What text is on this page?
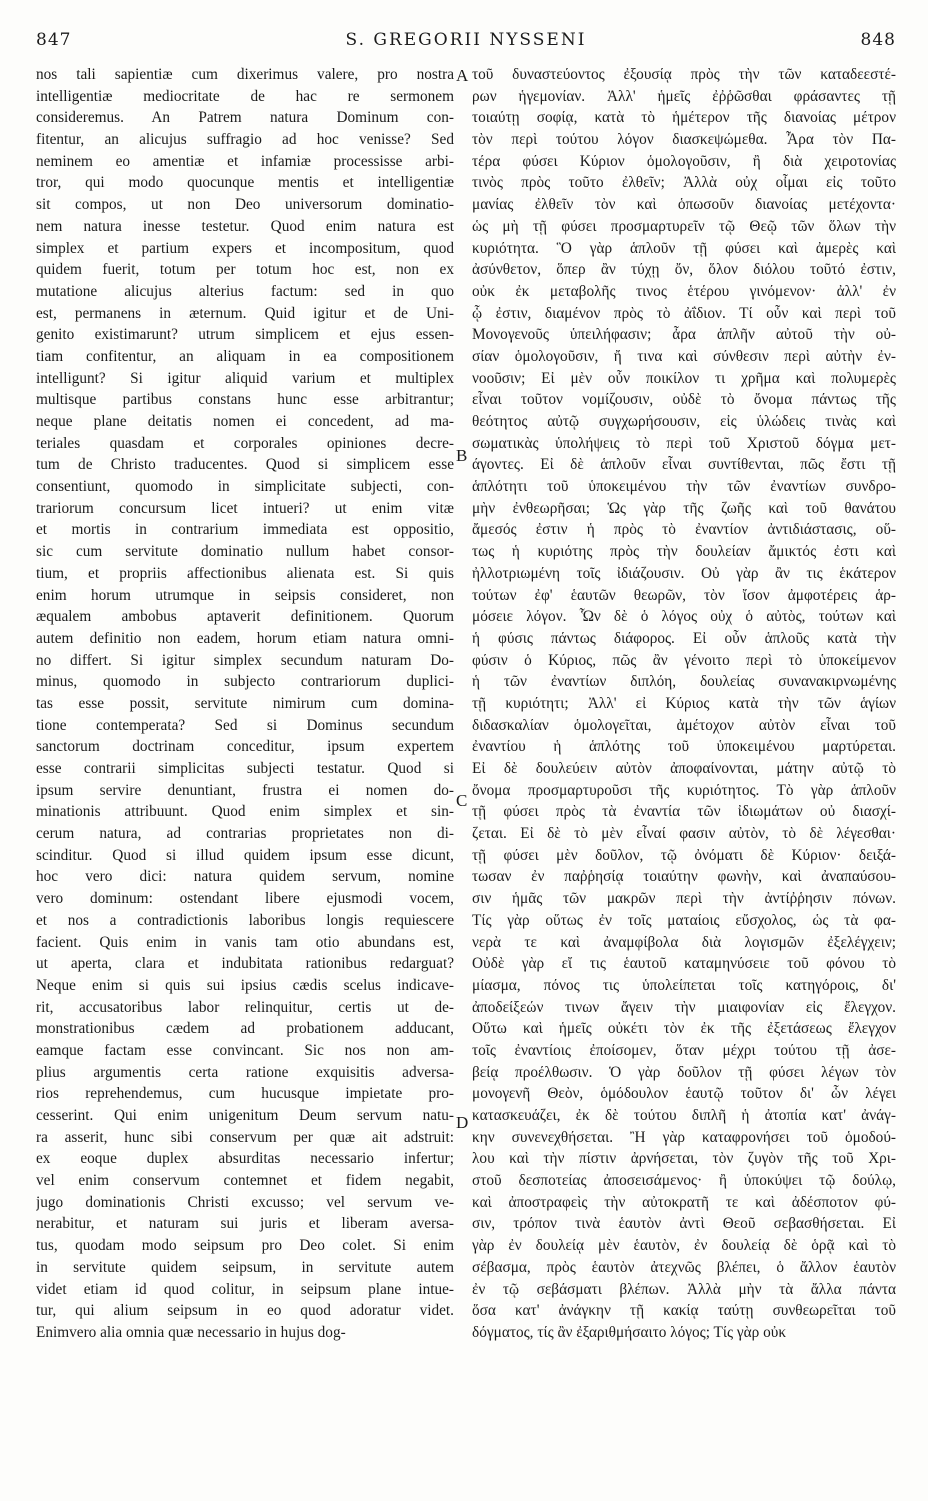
847	S. GREGORII NYSSENI	848
nos tali sapientiæ cum dixerimus valere, pro nostra
intelligentiæ mediocritate de hac re sermonem
consideremus. An Patrem natura Dominum con-
fitentur, an alicujus suffragio ad hoc venisse? Sed
neminem eo amentiæ et infamiæ processisse arbi-
tror, qui modo quocunque mentis et intelligentiæ
sit compos, ut non Deo universorum dominatio-
nem natura inesse testetur. Quod enim natura est
simplex et partium expers et incompositum, quod
quidem fuerit, totum per totum hoc est, non ex
mutatione alicujus alterius factum: sed in quo
est, permanens in æternum. Quid igitur et de Uni-
genito existimarunt? utrum simplicem et ejus essen-
tiam confitentur, an aliquam in ea compositionem
intelligunt? Si igitur aliquid varium et multiplex
multisque partibus constans hunc esse arbitrantur;
neque plane deitatis nomen ei concedent, ad ma-
teriales quasdam et corporales opiniones decre-
tum de Christo traducentes. Quod si simplicem esse
consentiunt, quomodo in simplicitate subjecti, con-
trariorum concursum licet intueri? ut enim vitæ
et mortis in contrarium immediata est oppositio,
sic cum servitute dominatio nullum habet consor-
tium, et propriis affectionibus alienata est. Si quis
enim horum utrumque in seipsis consideret, non
æqualem ambobus aptaverit definitionem. Quorum
autem definitio non eadem, horum etiam natura omni-
no differt. Si igitur simplex secundum naturam Do-
minus, quomodo in subjecto contrariorum duplici-
tas esse possit, servitute nimirum cum domina-
tione contemperata? Sed si Dominus secundum
sanctorum doctrinam conceditur, ipsum expertem
esse contrarii simplicitas subjecti testatur. Quod si
ipsum servire denuntiant, frustra ei nomen do-
minationis attribuunt. Quod enim simplex et sin-
cerum natura, ad contrarias proprietates non di-
scinditur. Quod si illud quidem ipsum esse dicunt,
hoc vero dici: natura quidem servum, nomine
vero dominum: ostendant libere ejusmodi vocem,
et nos a contradictionis laboribus longis requiescere
facient. Quis enim in vanis tam otio abundans est,
ut aperta, clara et indubitata rationibus redarguat?
Neque enim si quis sui ipsius cædis scelus indicave-
rit, accusatoribus labor relinquitur, certis ut de-
monstrationibus cædem ad probationem adducant,
eamque factam esse convincant. Sic nos non am-
plius argumentis certa ratione exquisitis adversa-
rios reprehendemus, cum hucusque impietate pro-
cesserint. Qui enim unigenitum Deum servum natu-
ra asserit, hunc sibi conservum per quæ ait adstruit:
ex eoque duplex absurditas necessario infertur;
vel enim conservum contemnet et fidem negabit,
jugo dominationis Christi excusso; vel servum ve-
nerabitur, et naturam sui juris et liberam aversa-
tus, quodam modo seipsum pro Deo colet. Si enim
in servitute quidem seipsum, in servitute autem
videt etiam id quod colitur, in seipsum plane intue-
tur, qui alium seipsum in eo quod adoratur videt.
Enimvero alia omnia quæ necessario in hujus dog-
A
B
C
D
τοῦ δυναστεύοντος ἐξουσίᾳ πρὸς τὴν τῶν καταδεεστέ-
ρων ἡγεμονίαν. Ἀλλ' ἡμεῖς ἐῤῥῶσθαι φράσαντες τῇ
τοιαύτῃ σοφίᾳ, κατὰ τὸ ἡμέτερον τῆς διανοίας μέτρον
τὸν περὶ τούτου λόγον διασκεψώμεθα. Ἆρα τὸν Πα-
τέρα φύσει Κύριον ὁμολογοῦσιν, ἢ διὰ χειροτονίας
τινὸς πρὸς τοῦτο ἐλθεῖν; Ἀλλὰ οὐχ οἶμαι εἰς τοῦτο
μανίας ἐλθεῖν τὸν καὶ ὁπωσοῦν διανοίας μετέχοντα·
ὡς μὴ τῇ φύσει προσμαρτυρεῖν τῷ Θεῷ τῶν ὅλων τὴν
κυριότητα. Ὃ γὰρ ἁπλοῦν τῇ φύσει καὶ ἀμερὲς καὶ
ἀσύνθετον, ὅπερ ἂν τύχῃ ὄν, ὅλον διόλου τοῦτό ἐστιν,
οὐκ ἐκ μεταβολῆς τινος ἑτέρου γινόμενον· ἀλλ' ἐν
ᾧ ἐστιν, διαμένον πρὸς τὸ ἀΐδιον. Τί οὖν καὶ περὶ τοῦ
Μονογενοῦς ὑπειλήφασιν; ἆρα ἁπλῆν αὐτοῦ τὴν οὐ-
σίαν ὁμολογοῦσιν, ἤ τινα καὶ σύνθεσιν περὶ αὐτὴν ἐν-
νοοῦσιν; Εἰ μὲν οὖν ποικίλον τι χρῆμα καὶ πολυμερὲς
εἶναι τοῦτον νομίζουσιν, οὐδὲ τὸ ὄνομα πάντως τῆς
θεότητος αὐτῷ συγχωρήσουσιν, εἰς ὑλώδεις τινὰς καὶ
σωματικὰς ὑπολήψεις τὸ περὶ τοῦ Χριστοῦ δόγμα μετ-
άγοντες. Εἰ δὲ ἁπλοῦν εἶναι συντίθενται, πῶς ἔστι τῇ
ἁπλότητι τοῦ ὑποκειμένου τὴν τῶν ἐναντίων συνδρο-
μὴν ἐνθεωρῆσαι; Ὡς γὰρ τῆς ζωῆς καὶ τοῦ θανάτου
ἄμεσός ἐστιν ἡ πρὸς τὸ ἐναντίον ἀντιδιάστασις, οὕ-
τως ἡ κυριότης πρὸς τὴν δουλείαν ἄμικτός ἐστι καὶ
ἠλλοτριωμένη τοῖς ἰδιάζουσιν. Οὐ γὰρ ἂν τις ἑκάτερον
τούτων ἐφ' ἑαυτῶν θεωρῶν, τὸν ἴσον ἀμφοτέρεις ἁρ-
μόσειε λόγον. Ὧν δὲ ὁ λόγος οὐχ ὁ αὐτὸς, τούτων καὶ
ἡ φύσις πάντως διάφορος. Εἰ οὖν ἁπλοῦς κατὰ τὴν
φύσιν ὁ Κύριος, πῶς ἂν γένοιτο περὶ τὸ ὑποκείμενον
ἡ τῶν ἐναντίων διπλόη, δουλείας συνανακιρνωμένης
τῇ κυριότητι; Ἀλλ' εἰ Κύριος κατὰ τὴν τῶν ἁγίων
διδασκαλίαν ὁμολογεῖται, ἀμέτοχον αὐτὸν εἶναι τοῦ
ἐναντίου ἡ ἁπλότης τοῦ ὑποκειμένου μαρτύρεται.
Εἰ δὲ δουλεύειν αὐτὸν ἀποφαίνονται, μάτην αὐτῷ τὸ
ὄνομα προσμαρτυροῦσι τῆς κυριότητος. Τὸ γὰρ ἁπλοῦν
τῇ φύσει πρὸς τὰ ἐναντία τῶν ἰδιωμάτων οὐ διασχί-
ζεται. Εἰ δὲ τὸ μὲν εἶναί φασιν αὐτὸν, τὸ δὲ λέγεσθαι·
τῇ φύσει μὲν δοῦλον, τῷ ὀνόματι δὲ Κύριον· δειξά-
τωσαν ἐν παῤῥησίᾳ τοιαύτην φωνὴν, καὶ ἀναπαύσου-
σιν ἡμᾶς τῶν μακρῶν περὶ τὴν ἀντίῤῥησιν πόνων.
Τίς γὰρ οὕτως ἐν τοῖς ματαίοις εὔσχολος, ὡς τὰ φα-
νερὰ τε καὶ ἀναμφίβολα διὰ λογισμῶν ἐξελέγχειν;
Οὐδὲ γὰρ εἴ τις ἑαυτοῦ καταμηνύσειε τοῦ φόνου τὸ
μίασμα, πόνος τις ὑπολείπεται τοῖς κατηγόροις, δι'
ἀποδείξεών τινων ἄγειν τὴν μιαιφονίαν εἰς ἔλεγχον.
Οὕτω καὶ ἡμεῖς οὐκέτι τὸν ἐκ τῆς ἐξετάσεως ἔλεγχον
τοῖς ἐναντίοις ἐποίσομεν, ὅταν μέχρι τούτου τῇ ἀσε-
βείᾳ προέλθωσιν. Ὁ γὰρ δοῦλον τῇ φύσει λέγων τὸν
μονογενῆ Θεὸν, ὁμόδουλον ἑαυτῷ τοῦτον δι' ὧν λέγει
κατασκευάζει, ἐκ δὲ τούτου διπλῆ ἡ ἀτοπία κατ' ἀνάγ-
κην συνενεχθήσεται. Ἢ γὰρ καταφρονήσει τοῦ ὁμοδού-
λου καὶ τὴν πίστιν ἀρνήσεται, τὸν ζυγὸν τῆς τοῦ Χρι-
στοῦ δεσποτείας ἀποσεισάμενος· ἢ ὑποκύψει τῷ δούλῳ,
καὶ ἀποστραφεὶς τὴν αὐτοκρατῆ τε καὶ ἀδέσποτον φύ-
σιν, τρόπον τινὰ ἑαυτὸν ἀντὶ Θεοῦ σεβασθήσεται. Εἰ
γὰρ ἐν δουλείᾳ μὲν ἑαυτὸν, ἐν δουλείᾳ δὲ ὁρᾷ καὶ τὸ
σέβασμα, πρὸς ἑαυτὸν ἀτεχνῶς βλέπει, ὁ ἄλλον ἑαυτὸν
ἐν τῷ σεβάσματι βλέπων. Ἀλλὰ μὴν τὰ ἄλλα πάντα
ὅσα κατ' ἀνάγκην τῇ κακίᾳ ταύτῃ συνθεωρεῖται τοῦ
δόγματος, τίς ἂν ἐξαριθμήσαιτο λόγος; Τίς γὰρ οὐκ
